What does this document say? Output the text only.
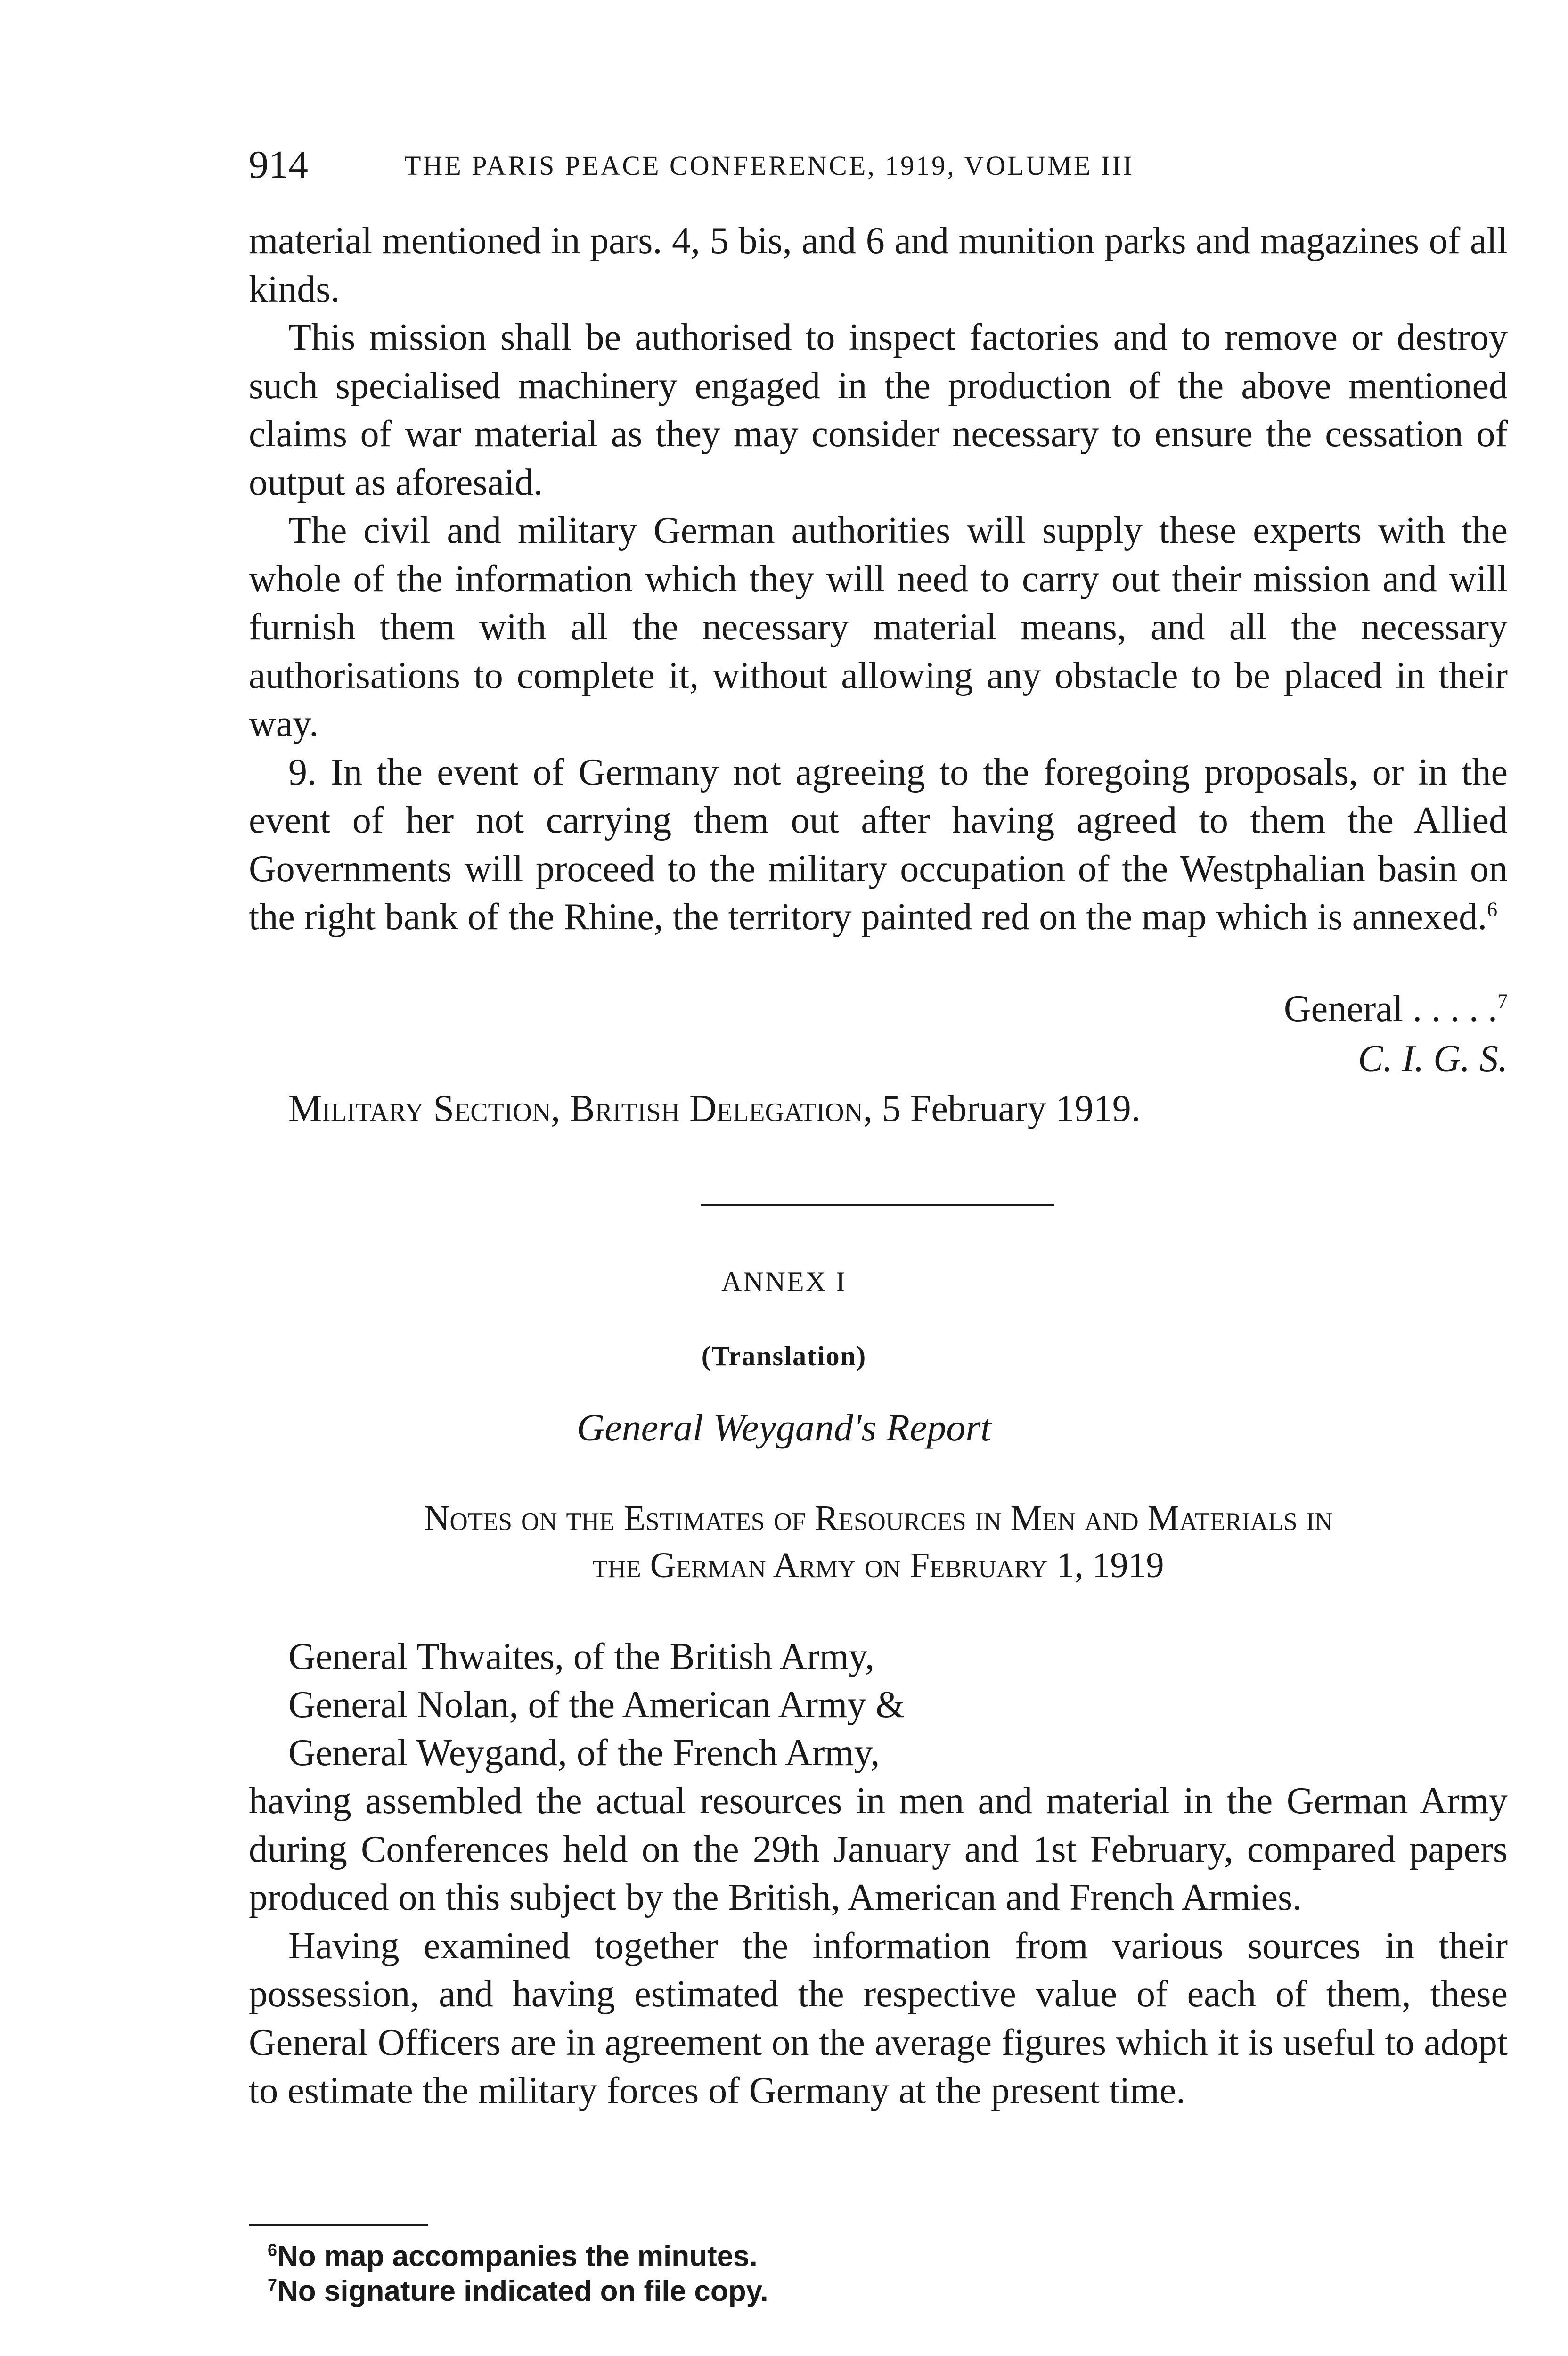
914	THE PARIS PEACE CONFERENCE, 1919, VOLUME III

material mentioned in pars. 4, 5 bis, and 6 and munition parks and magazines of all kinds.

This mission shall be authorised to inspect factories and to remove or destroy such specialised machinery engaged in the production of the above mentioned claims of war material as they may consider necessary to ensure the cessation of output as aforesaid.

The civil and military German authorities will supply these experts with the whole of the information which they will need to carry out their mission and will furnish them with all the necessary material means, and all the necessary authorisations to complete it, without allowing any obstacle to be placed in their way.

9. In the event of Germany not agreeing to the foregoing proposals, or in the event of her not carrying them out after having agreed to them the Allied Governments will proceed to the military occupation of the Westphalian basin on the right bank of the Rhine, the territory painted red on the map which is annexed.$^6$

General . . . . .$^7$
C. I. G. S.
Military Section, British Delegation, 5 February 1919.
ANNEX I
(Translation)
General Weygand's Report
Notes on the Estimates of Resources in Men and Materials in
the German Army on February 1, 1919
General Thwaites, of the British Army,
General Nolan, of the American Army &
General Weygand, of the French Army,

having assembled the actual resources in men and material in the German Army during Conferences held on the 29th January and 1st February, compared papers produced on this subject by the British, American and French Armies.

Having examined together the information from various sources in their possession, and having estimated the respective value of each of them, these General Officers are in agreement on the average figures which it is useful to adopt to estimate the military forces of Germany at the present time.

$^6$No map accompanies the minutes.
$^7$No signature indicated on file copy.
